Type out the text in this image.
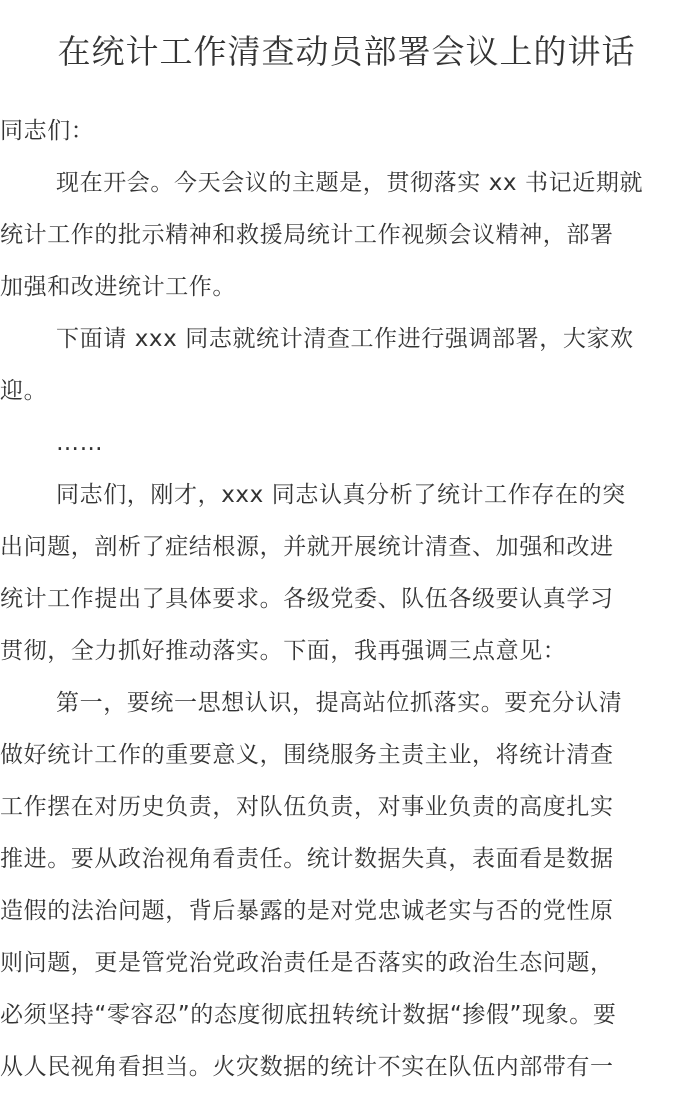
在统计工作清查动员部署会议上的讲话
同志们：
现在开会。今天会议的主题是，贯彻落实 xx 书记近期就
统计工作的批示精神和救援局统计工作视频会议精神，部署
加强和改进统计工作。
下面请 xxx 同志就统计清查工作进行强调部署，大家欢
迎。
……
同志们，刚才，xxx 同志认真分析了统计工作存在的突
出问题，剖析了症结根源，并就开展统计清查、加强和改进
统计工作提出了具体要求。各级党委、队伍各级要认真学习
贯彻，全力抓好推动落实。下面，我再强调三点意见：
第一，要统一思想认识，提高站位抓落实。要充分认清
做好统计工作的重要意义，围绕服务主责主业，将统计清查
工作摆在对历史负责，对队伍负责，对事业负责的高度扎实
推进。要从政治视角看责任。统计数据失真，表面看是数据
造假的法治问题，背后暴露的是对党忠诚老实与否的党性原
则问题，更是管党治党政治责任是否落实的政治生态问题，
必须坚持“零容忍”的态度彻底扭转统计数据“掺假”现象。要
从人民视角看担当。火灾数据的统计不实在队伍内部带有一
